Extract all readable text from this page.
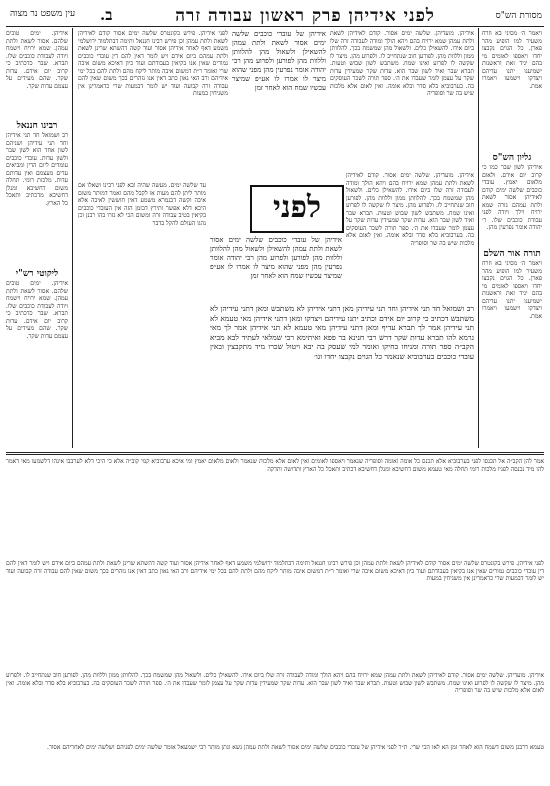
מסורת הש"ס
לפני אידיהן פרק ראשון עבודה זרה
ב.
עין משפט נר מצוה
ויאמר ה׳ מסיני בא וזרח משעיר למו הופיע מהר פארן. כל הגוים נקבצו יחדו ויאספו לאומים מי בהם יגיד זאת וראשנות ישמיענו יתנו עדיהם ויצדקו וישמעו ויאמרו אמת.
גליון הש"ס
אידיהן לשון שבר כמו כי קרוב יום אידם. ולאום מלאום יאמץ. עובדי כוכבים שלשה ימים קודם לאידיהן אסור לשאת ולתת עמהם גזרה שמא ירויח וילך ויודה לפני עבודת כוכבים שלו. ר׳ יהודה אומר נפרעין מהן.
תורה אור השלם
ויאמר ה׳ מסיני בא וזרח משעיר למו הופיע מהר פארן. כל הגוים נקבצו יחדו ויאספו לאומים מי בהם יגיד זאת וראשנות ישמיענו יתנו עדיהם ויצדקו וישמעו ויאמרו אמת.
אידיהן. ימים טובים שלהם. אסור לשאת ולתת עמהן. שמא ירויח וישמח ויודה לעבודת כוכבים שלו. תברא. שבר כדכתיב כי קרוב יום אידם. עדות שקר. שהם מעידים על עצמם עדות שקר.
רבינו חננאל
רב ושמואל חד תני אידיהן וחד תני עידיהן ושניהם לשון אחד הוא לשון שבר ולשון עדות. עובדי כוכבים עומדים ליום הדין ומביאים עדים מעצמם ואין עדותם עדות. מלכות רומי. תחלה משום דחשיבא ומנלן דחשיבא מדכתיב ותאכל כל הארץ.
ליקוטי רש"י
אידיהן. ימים טובים שלהם. אסור לשאת ולתת עמהן. שמא ירויח וישמח ויודה לעבודת כוכבים שלו. תברא. שבר כדכתיב כי קרוב יום אידם. עדות שקר. שהם מעידים על עצמם עדות שקר.
אידיהן. מועדיהן. שלשה ימים אסור. קודם לאידיהן לשאת ולתת עמהן שמא ירויח בהם ויהא הולך ומודה לעבודה זרה שלו ביום אידו. להשאילן כלים. ולשאול מהן שמשמח בכך. להלוותן ממון וללוות מהן. לפורען חוב שנתחייב לו. ולפרוע מהן. מיצר לו שקשה לו לפרוע ואינו שמח. משתבש לשון שבוש וטעות. תברא שבר ואיד לשון שבר הוא. עדות שקר שמעידין עדות שקר על עצמן לומר שעבדו את ה׳. ספר תורה לשכר העוסקים בה. בערבוביא בלא סדר ובלא אומה. ואין לאום אלא מלכות שיש בה שר וסופריה
אידיהן. מועדיהן. שלשה ימים אסור. קודם לאידיהן לשאת ולתת עמהן שמא ירויח בהם ויהא הולך ומודה לעבודה זרה שלו ביום אידו. להשאילן כלים. ולשאול מהן שמשמח בכך. להלוותן ממון וללוות מהן. לפורען חוב שנתחייב לו. ולפרוע מהן. מיצר לו שקשה לו לפרוע ואינו שמח. משתבש לשון שבוש וטעות. תברא שבר ואיד לשון שבר הוא. עדות שקר שמעידין עדות שקר על עצמן לומר שעבדו את ה׳. ספר תורה לשכר העוסקים בה. בערבוביא בלא סדר ובלא אומה. ואין לאום אלא מלכות שיש בה שר וסופריה
לפני אידיהן. פירש בקונטרס שלשה ימים אסור קודם לאידיהן לשאת ולתת עמהן וכן פירש רבינו חננאל ותימה דבתלמוד ירושלמי משמע דאף לאחר אידיהן אסור ועוד קשה דהשתא שרינן לשאת ולתת עמהם ביום אידם ויש לומר דאין להם דין עובדי כוכבים גמורים שאין אנו בקיאין בעבודתם ועוד כיון דאיכא משום איבה שרי ואומר ר״ת דמשום איבה מותר ליקח מהם ולתת להם בכל ימי אידיהם ורב האי גאון כתב דאין אנו נזהרים בכך משום שאין להם עבודה זרה קבועה ועוד יש לומר דבמעות שרי כדאמרינן אין משגיחין במעות
עד שלשה ימים. מעשה שהיה ובא לפני רבינו ושאלו אם מותר ליתן להם מעות או לקבל מהם ואמר דמותר משום איבה וקשה דבגמרא משמע דאין חוששין לאיבה אלא היכא דלא אפשר ותירץ דבזמן הזה אין העובדי כוכבים בקיאין בטיב עבודה זרה ומשום הכי לא גזרו בהו רבנן וכן נהגו העולם להקל בדבר
אידיהן של עובדי כוכבים שלשה ימים אסור לשאת ולתת עמהן להשאילן ולשאול מהן להלוותן וללוות מהן לפורען ולפרוע מהן רבי יהודה אומר נפרעין מהן מפני שהוא מיצר לו אמרו לו אע״פ שמיצר עכשיו שמח הוא לאחר זמן
לפני
אידיהן של עובדי כוכבים שלשה ימים אסור לשאת ולתת עמהן להשאילן ולשאול מהן להלוותן וללוות מהן לפורען ולפרוע מהן רבי יהודה אומר נפרעין מהן מפני שהוא מיצר לו אמרו לו אע״פ שמיצר עכשיו שמח הוא לאחר זמן
רב ושמואל חד תני אידיהן וחד תני עידיהן מאן דתני אידיהן לא משתבש ומאן דתני עידיהן לא משתבש דכתיב כי קרוב יום אידם וכתיב יתנו עידיהם ויצדקו ומאן דתני אידיהן מאי טעמא לא תני עידיהן אמר לך תברא עדיף ומאן דתני עידיהן מאי טעמא לא תני אידיהן אמר לך מאי גרמא להו תברא עדות שקר דרש רבי חנינא בר פפא ואיתימא רבי שמלאי לעתיד לבא מביא הקב״ה ספר תורה ומניחו בחיקו ואומר למי שעסק בה יבא ויטול שכרו מיד מתקבצין ובאין עובדי כוכבים בערבוביא שנאמר כל הגוים נקבצו יחדו וגו׳
אמר להן הקב״ה אל תכנסו לפני בערבוביא אלא תכנס כל אומה ואומה וסופריה שנאמר ויאספו לאומים ואין לאום אלא מלכות שנאמר ולאום מלאום יאמץ ומי איכא ערבוביא קמי קוב״ה אלא כי היכי דלא לערבבו אינהו דלשמעו מאי דאמר להו מיד נכנסה לפניו מלכות רומי תחלה מאי טעמא משום דחשיבא ומנלן דחשיבא דכתיב ותאכל כל הארץ ותדושה ותדקה
לפני אידיהן. פירש בקונטרס שלשה ימים אסור קודם לאידיהן לשאת ולתת עמהן וכן פירש רבינו חננאל ותימה דבתלמוד ירושלמי משמע דאף לאחר אידיהן אסור ועוד קשה דהשתא שרינן לשאת ולתת עמהם ביום אידם ויש לומר דאין להם דין עובדי כוכבים גמורים שאין אנו בקיאין בעבודתם ועוד כיון דאיכא משום איבה שרי ואומר ר״ת דמשום איבה מותר ליקח מהם ולתת להם בכל ימי אידיהם ורב האי גאון כתב דאין אנו נזהרים בכך משום שאין להם עבודה זרה קבועה ועוד יש לומר דבמעות שרי כדאמרינן אין משגיחין במעות
אידיהן. מועדיהן. שלשה ימים אסור. קודם לאידיהן לשאת ולתת עמהן שמא ירויח בהם ויהא הולך ומודה לעבודה זרה שלו ביום אידו. להשאילן כלים. ולשאול מהן שמשמח בכך. להלוותן ממון וללוות מהן. לפורען חוב שנתחייב לו. ולפרוע מהן. מיצר לו שקשה לו לפרוע ואינו שמח. משתבש לשון שבוש וטעות. תברא שבר ואיד לשון שבר הוא. עדות שקר שמעידין עדות שקר על עצמן לומר שעבדו את ה׳. ספר תורה לשכר העוסקים בה. בערבוביא בלא סדר ובלא אומה. ואין לאום אלא מלכות שיש בה שר וסופריה
טעמא דרבנן משום דשמח הוא לאחר זמן הא לאו הכי שרי. ת״ר לפני אידיהן של עובדי כוכבים שלשה ימים אסור לשאת ולתת עמהן נשא ונתן מותר רבי ישמעאל אומר שלשה ימים לפניהם ושלשה ימים לאחריהם אסור.
